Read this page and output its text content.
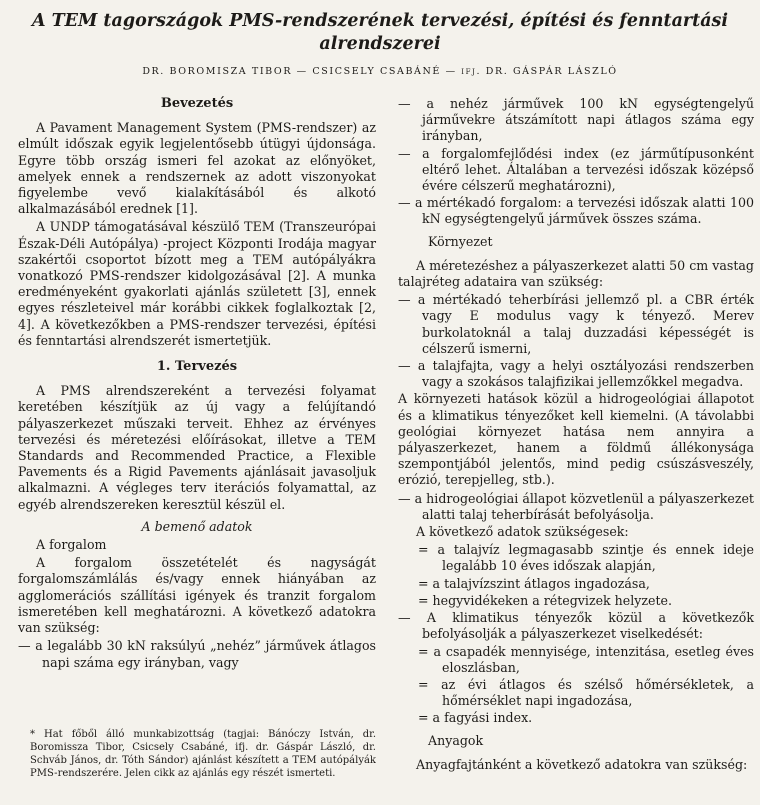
A TEM tagországok PMS-rendszerének tervezési, építési és fenntartási alrendszerei
DR. BOROMISZA TIBOR — CSICSELY CSABÁNÉ — ifj. DR. GÁSPÁR LÁSZLÓ
Bevezetés

A Pavament Management System (PMS-rendszer) az elmúlt időszak egyik legjelentősebb útügyi újdonsága. Egyre több ország ismeri fel azokat az előnyöket, amelyek ennek a rendszernek az adott viszonyokat figyelembe vevő kialakításából és alkotó alkalmazásából erednek [1].

A UNDP támogatásával készülő TEM (Transzeurópai Észak-Déli Autópálya) -project Központi Irodája magyar szakértői csoportot bízott meg a TEM autópályákra vonatkozó PMS-rendszer kidolgozásával [2]. A munka eredményeként gyakorlati ajánlás született [3], ennek egyes részleteivel már korábbi cikkek foglalkoztak [2, 4]. A következőkben a PMS-rendszer tervezési, építési és fenntartási alrendszerét ismertetjük.

1. Tervezés

A PMS alrendszereként a tervezési folyamat keretében készítjük az új vagy a felújítandó pályaszerkezet műszaki terveit. Ehhez az érvényes tervezési és méretezési előírásokat, illetve a TEM Standards and Recommended Practice, a Flexible Pavements és a Rigid Pavements ajánlásait javasoljuk alkalmazni. A végleges terv iterációs folyamattal, az egyéb alrendszereken keresztül készül el.

A bemenő adatok
A forgalom

A forgalom összetételét és nagyságát forgalomszámlálás és/vagy ennek hiányában az agglomerációs szállítási igények és tranzit forgalom ismeretében kell meghatározni. A következő adatokra van szükség:

— a legalább 30 kN raksúlyú „nehéz” járművek átlagos napi száma egy irányban, vagy
* Hat főből álló munkabizottság (tagjai: Bánóczy István, dr. Boromissza Tibor, Csicsely Csabáné, ifj. dr. Gáspár László, dr. Schváb János, dr. Tóth Sándor) ajánlást készített a TEM autópályák PMS-rendszerére. Jelen cikk az ajánlás egy részét ismerteti.
— a nehéz járművek 100 kN egységtengelyű járművekre átszámított napi átlagos száma egy irányban,
— a forgalomfejlődési index (ez járműtípusonként eltérő lehet. Általában a tervezési időszak középső évére célszerű meghatározni),
— a mértékadó forgalom: a tervezési időszak alatti 100 kN egységtengelyű járművek összes száma.
Környezet

A méretezéshez a pályaszerkezet alatti 50 cm vastag talajréteg adataira van szükség:

— a mértékadó teherbírási jellemző pl. a CBR érték vagy E modulus vagy k tényező. Merev burkolatoknál a talaj duzzadási képességét is célszerű ismerni,
— a talajfajta, vagy a helyi osztályozási rendszerben vagy a szokásos talajfizikai jellemzőkkel megadva.

A környezeti hatások közül a hidrogeológiai állapotot és a klimatikus tényezőket kell kiemelni. (A távolabbi geológiai környezet hatása nem annyira a pályaszerkezet, hanem a földmű állékonysága szempontjából jelentős, mind pedig csúszásveszély, erózió, terepjelleg, stb.).

— a hidrogeológiai állapot közvetlenül a pályaszerkezet alatti talaj teherbírását befolyásolja.

A következő adatok szükségesek:

= a talajvíz legmagasabb szintje és ennek ideje legalább 10 éves időszak alapján,
= a talajvízszint átlagos ingadozása,
= hegyvidékeken a rétegvizek helyzete.
— A klimatikus tényezők közül a következők befolyásolják a pályaszerkezet viselkedését:
= a csapadék mennyisége, intenzitása, esetleg éves eloszlásban,
= az évi átlagos és szélső hőmérsékletek, a hőmérséklet napi ingadozása,
= a fagyási index.
Anyagok

Anyagfajtánként a következő adatokra van szükség:
